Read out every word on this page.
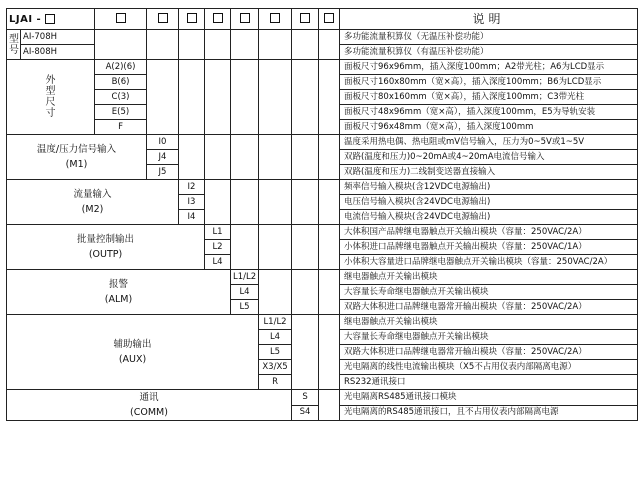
LJAI -										说明
型号	AI-708H									多功能流量积算仪（无温压补偿功能）
	AI-808H									多功能流量积算仪（有温压补偿功能）

外型尺寸		A(2)(6)								面板尺寸96x96mm，插入深度100mm；A2带光柱；A6为LCD显示
		B(6)								面板尺寸160x80mm（宽×高），插入深度100mm；B6为LCD显示
		C(3)								面板尺寸80x160mm（宽×高），插入深度100mm；C3带光柱
		E(5)								面板尺寸48x96mm（宽×高），插入深度100mm，E5为导轨安装
		F								面板尺寸96x48mm（宽×高），插入深度100mm

温度/压力信号输入
(M1)			I0							温度采用热电偶、热电阻或mV信号输入，压力为0~5V或1~5V
			J4							双路(温度和压力)0~20mA或4~20mA电流信号输入
			J5							双路(温度和压力)二线制变送器直接输入

流量输入
(M2)				I2						频率信号输入模块(含12VDC电源输出)
				I3						电压信号输入模块(含24VDC电源输出)
				I4						电流信号输入模块(含24VDC电源输出)

批量控制输出
(OUTP)					L1					大体积国产品牌继电器触点开关输出模块（容量：250VAC/2A）
					L2					小体积进口品牌继电器触点开关输出模块（容量：250VAC/1A）
					L4					小体积大容量进口品牌继电器触点开关输出模块（容量：250VAC/2A）

报警
(ALM)						L1/L2				继电器触点开关输出模块
						L4				大容量长寿命继电器触点开关输出模块
						L5				双路大体积进口品牌继电器常开输出模块（容量：250VAC/2A）

辅助输出
(AUX)							L1/L2			继电器触点开关输出模块
							L4			大容量长寿命继电器触点开关输出模块
							L5			双路大体积进口品牌继电器常开输出模块（容量：250VAC/2A）
							X3/X5			光电隔离的线性电流输出模块（X5不占用仪表内部隔离电源）
							R			RS232通讯接口

通讯
(COMM)								S		光电隔离RS485通讯接口模块
								S4		光电隔离的RS485通讯接口，且不占用仪表内部隔离电源
